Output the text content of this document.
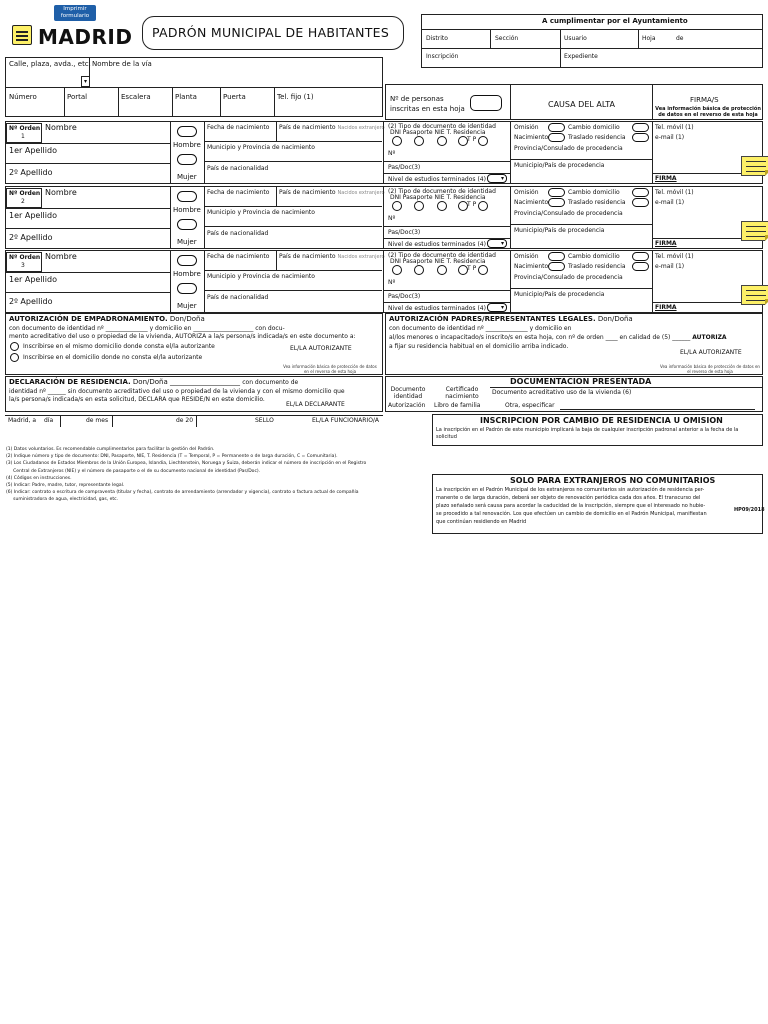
Imprimir formulario
MADRID PADRÓN MUNICIPAL DE HABITANTES
A cumplimentar por el Ayuntamiento
Distrito	Sección	Usuario	Hoja	de
Inscripción	Expediente
Calle, plaza, avda., etc. Nombre de la vía
▾
Número	Portal	Escalera	Planta	Puerta	Tel. fijo (1)	Nº de personas
inscritas en esta hoja	CAUSA DEL ALTA	FIRMA/S
Vea información básica de protección de datos en el reverso de esta hoja
Nº Orden
1
Nombre
1er Apellido
2º Apellido
Hombre
Mujer
Fecha de nacimiento País de nacimiento Nacidos extranjero
Municipio y Provincia de nacimiento
País de nacionalidad
(2) Tipo de documento de identidad
DNI Pasaporte NIE T. Residencia
T P
Nº
Pas/Doc(3)
Nivel de estudios terminados (4)	▾
Omisión	Cambio domicilio
Nacimiento	Traslado residencia
Provincia/Consulado de procedencia
Municipio/País de procedencia
Tel. móvil (1)
e-mail (1)
FIRMA
Nº Orden
2
Nombre
1er Apellido
2º Apellido
Hombre
Mujer
Fecha de nacimiento País de nacimiento Nacidos extranjero
Municipio y Provincia de nacimiento
País de nacionalidad
(2) Tipo de documento de identidad
DNI Pasaporte NIE T. Residencia
T P
Nº
Pas/Doc(3)
Nivel de estudios terminados (4)	▾
Omisión	Cambio domicilio
Nacimiento	Traslado residencia
Provincia/Consulado de procedencia
Municipio/País de procedencia
Tel. móvil (1)
e-mail (1)
FIRMA
Nº Orden
3
Nombre
1er Apellido
2º Apellido
Hombre
Mujer
Fecha de nacimiento País de nacimiento Nacidos extranjero
Municipio y Provincia de nacimiento
País de nacionalidad
(2) Tipo de documento de identidad
DNI Pasaporte NIE T. Residencia
T P
Nº
Pas/Doc(3)
Nivel de estudios terminados (4)	▾
Omisión	Cambio domicilio
Nacimiento	Traslado residencia
Provincia/Consulado de procedencia
Municipio/País de procedencia
Tel. móvil (1)
e-mail (1)
FIRMA
AUTORIZACIÓN DE EMPADRONAMIENTO. Don/Doña
con documento de identidad nº ______________ y domicilio en ____________________ con docu-
mento acreditativo del uso o propiedad de la vivienda, AUTORIZA a la/s persona/s indicada/s en este documento a:
Inscribirse en el mismo domicilio donde consta el/la autorizante
Inscribirse en el domicilio donde no consta el/la autorizante
EL/LA AUTORIZANTE
Vea información básica de protección de datos en el reverso de esta hoja
AUTORIZACIÓN PADRES/REPRESENTANTES LEGALES. Don/Doña
con documento de identidad nº ______________ y domicilio en
al/los menores o incapacitado/s inscrito/s en esta hoja, con nº de orden ____ en calidad de (5) ______ AUTORIZA
a fijar su residencia habitual en el domicilio arriba indicado.
EL/LA AUTORIZANTE
Vea información básica de protección de datos en el reverso de esta hoja
DECLARACIÓN DE RESIDENCIA. Don/Doña ____________________ con documento de
identidad nº ______ sin documento acreditativo del uso o propiedad de la vivienda y con el mismo domicilio que
la/s persona/s indicada/s en esta solicitud, DECLARA que RESIDE/N en este domicilio.
EL/LA DECLARANTE
DOCUMENTACION PRESENTADA
Documento identidad
Certificado nacimiento
Documento acreditativo uso de la vivienda (6)
Autorización Libro de familia	Otra, especificar
Madrid, a día	de mes	de 20	SELLO	EL/LA FUNCIONARIO/A	INSCRIPCION POR CAMBIO DE RESIDENCIA U OMISION
La inscripción en el Padrón de este municipio implicará la baja de cualquier inscripción padronal anterior a la fecha de la solicitud
SOLO PARA EXTRANJEROS NO COMUNITARIOS
La inscripción en el Padrón Municipal de los extranjeros no comunitarios sin autorización de residencia per-
manente o de larga duración, deberá ser objeto de renovación periódica cada dos años. El transcurso del
plazo señalado será causa para acordar la caducidad de la inscripción, siempre que el interesado no hubie-
se procedido a tal renovación. Los que efectúen un cambio de domicilio en el Padrón Municipal, manifiestan
que continúan residiendo en Madrid
(1) Datos voluntarios. Es recomendable cumplimentarlos para facilitar la gestión del Padrón.
(2) Indique número y tipo de documento: DNI, Pasaporte, NIE, T. Residencia (T = Temporal, P = Permanente o de larga duración, C = Comunitaria).
(3) Los Ciudadanos de Estados Miembros de la Unión Europea, Islandia, Liechtenstein, Noruega y Suiza, deberán indicar el número de inscripción en el Registro
Central de Extranjeros (NIE) y el número de pasaporte o el de su documento nacional de identidad (Pas/Doc).
(4) Códigos en instrucciones.
(5) Indicar: Padre, madre, tutor, representante legal.
(6) Indicar: contrato o escritura de compraventa (titular y fecha), contrato de arrendamiento (arrendador y vigencia), contrato o factura actual de compañía
suministradora de agua, electricidad, gas, etc.
HP09/2018
